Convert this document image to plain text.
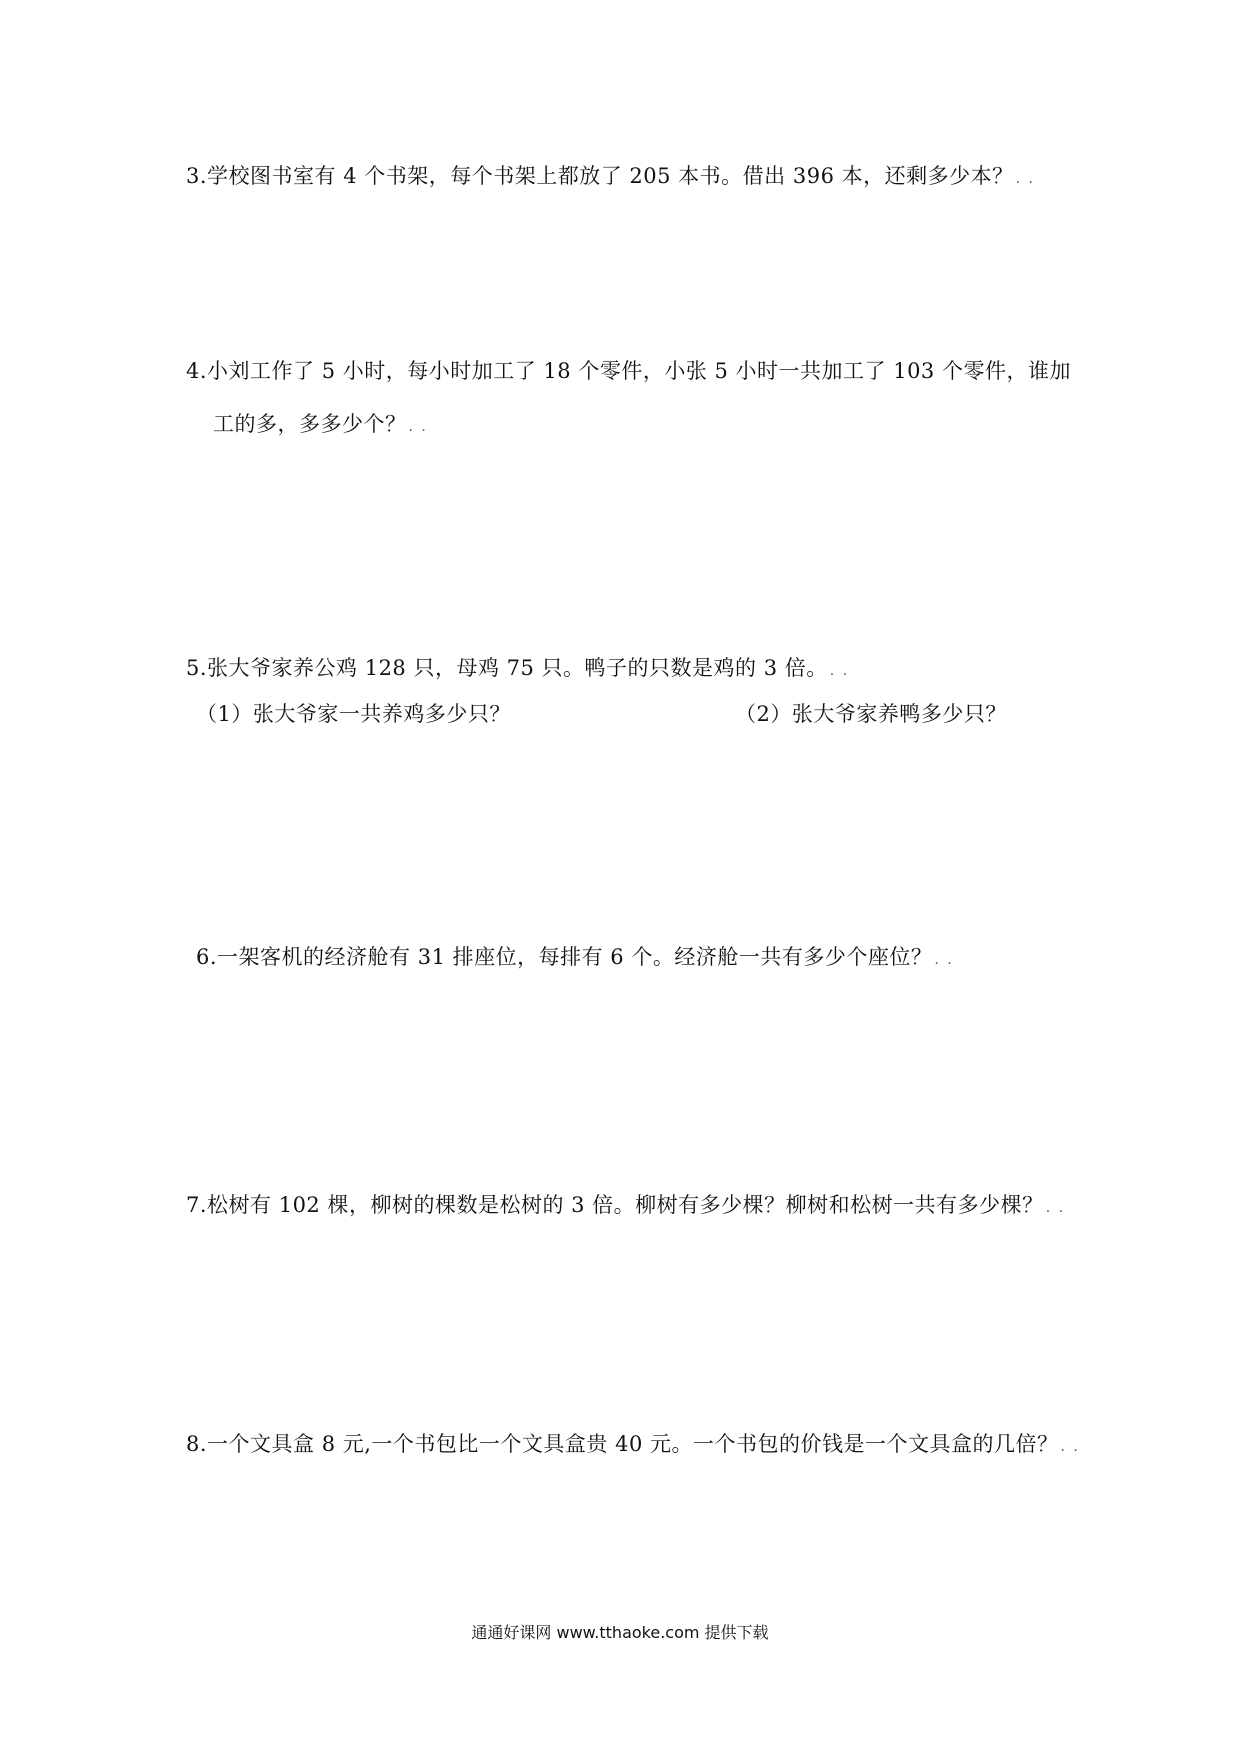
3.学校图书室有 4 个书架，每个书架上都放了 205 本书。借出 396 本，还剩多少本？ . .
4.小刘工作了 5 小时，每小时加工了 18 个零件，小张 5 小时一共加工了 103 个零件，谁加
工的多，多多少个？ . .
5.张大爷家养公鸡 128 只，母鸡 75 只。鸭子的只数是鸡的 3 倍。 . .
（1）张大爷家一共养鸡多少只？	（2）张大爷家养鸭多少只？
6.一架客机的经济舱有 31 排座位，每排有 6 个。经济舱一共有多少个座位？ . .
7.松树有 102 棵，柳树的棵数是松树的 3 倍。柳树有多少棵？柳树和松树一共有多少棵？ . .
8.一个文具盒 8 元,一个书包比一个文具盒贵 40 元。一个书包的价钱是一个文具盒的几倍？ . .
通通好课网 www.tthaoke.com 提供下载
